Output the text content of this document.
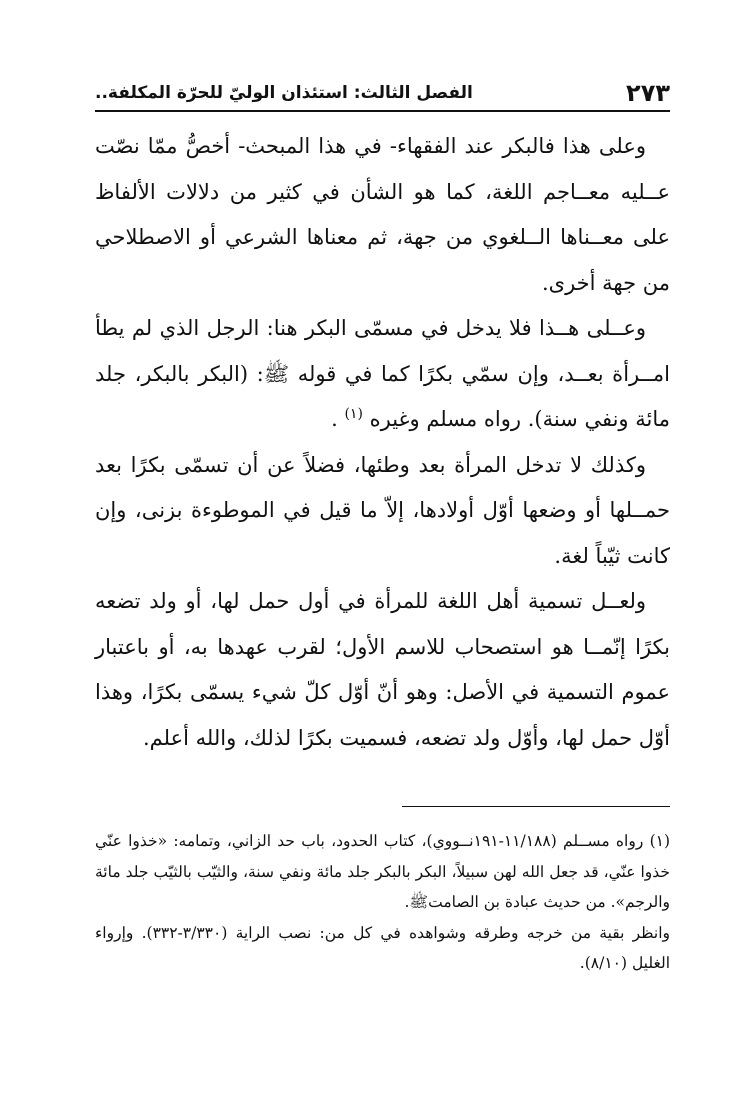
٢٧٣
الفصل الثالث: استئذان الوليّ للحرّة المكلفة..

وعلى هذا فالبكر عند الفقهاء- في هذا المبحث- أخصُّ ممّا نصّت عــليه معــاجم اللغة، كما هو الشأن في كثير من دلالات الألفاظ على معــناها الــلغوي من جهة، ثم معناها الشرعي أو الاصطلاحي من جهة أخرى.

وعــلى هــذا فلا يدخل في مسمّى البكر هنا: الرجل الذي لم يطأ امــرأة بعــد، وإن سمّي بكرًا كما في قوله ﷺ: (البكر بالبكر، جلد مائة ونفي سنة). رواه مسلم وغيره $^{(١)}$ .

وكذلك لا تدخل المرأة بعد وطئها، فضلاً عن أن تسمّى بكرًا بعد حمــلها أو وضعها أوّل أولادها، إلاّ ما قيل في الموطوءة بزنى، وإن كانت ثيّباً لغة.

ولعــل تسمية أهل اللغة للمرأة في أول حمل لها، أو ولد تضعه بكرًا إنّمــا هو استصحاب للاسم الأول؛ لقرب عهدها به، أو باعتبار عموم التسمية في الأصل: وهو أنّ أوّل كلّ شيء يسمّى بكرًا، وهذا أوّل حمل لها، وأوّل ولد تضعه، فسميت بكرًا لذلك، والله أعلم.

(١) رواه مســلم (١١/١٨٨-١٩١نــووي)، كتاب الحدود، باب حد الزاني، وتمامه: «خذوا عنّي خذوا عنّي، قد جعل الله لهن سبيلاً، البكر بالبكر جلد مائة ونفي سنة، والثيّب بالثيّب جلد مائة والرجم». من حديث عبادة بن الصامتﷺ.

وانظر بقية من خرجه وطرقه وشواهده في كل من: نصب الراية (٣/٣٣٠-٣٣٢). وإرواء الغليل (٨/١٠).
